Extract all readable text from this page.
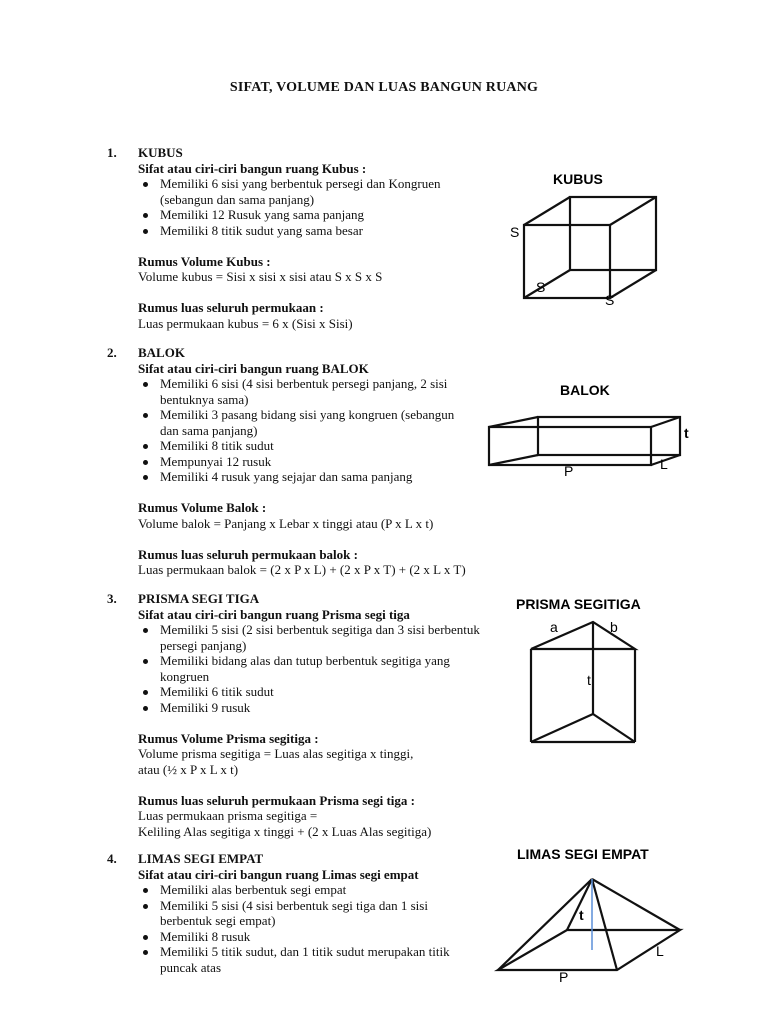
SIFAT, VOLUME DAN LUAS BANGUN RUANG
1. KUBUS
Sifat atau ciri-ciri bangun ruang Kubus :
Memiliki 6 sisi yang berbentuk persegi dan Kongruen (sebangun dan sama panjang)
Memiliki 12 Rusuk yang sama panjang
Memiliki 8 titik sudut yang sama besar
Rumus Volume Kubus :
Volume kubus = Sisi x sisi x sisi atau S x S x S
Rumus luas seluruh permukaan :
Luas permukaan kubus = 6 x (Sisi x Sisi)
2. BALOK
Sifat atau ciri-ciri bangun ruang BALOK
Memiliki 6 sisi (4 sisi berbentuk persegi panjang, 2 sisi bentuknya sama)
Memiliki 3 pasang bidang sisi yang kongruen (sebangun dan sama panjang)
Memiliki 8 titik sudut
Mempunyai 12 rusuk
Memiliki 4 rusuk yang sejajar dan sama panjang
Rumus Volume Balok :
Volume balok = Panjang x Lebar x tinggi atau (P x L x t)
Rumus luas seluruh permukaan balok :
Luas permukaan balok = (2 x P x L) + (2 x P x T) + (2 x L x T)
3. PRISMA SEGI TIGA
Sifat atau ciri-ciri bangun ruang Prisma segi tiga
Memiliki 5 sisi (2 sisi berbentuk segitiga dan 3 sisi berbentuk persegi panjang)
Memiliki bidang alas dan tutup berbentuk segitiga yang kongruen
Memiliki 6 titik sudut
Memiliki 9 rusuk
Rumus Volume Prisma segitiga :
Volume prisma segitiga = Luas alas segitiga x tinggi,
atau (½ x P x L x t)
Rumus luas seluruh permukaan Prisma segi tiga :
Luas permukaan prisma segitiga =
Keliling Alas segitiga x tinggi + (2 x Luas Alas segitiga)
4. LIMAS SEGI EMPAT
Sifat atau ciri-ciri bangun ruang Limas segi empat
Memiliki alas berbentuk segi empat
Memiliki 5 sisi (4 sisi berbentuk segi tiga dan 1 sisi berbentuk segi empat)
Memiliki 8 rusuk
Memiliki 5 titik sudut, dan 1 titik sudut merupakan titik puncak atas
KUBUS
S
S
S
BALOK
t
P	L
PRISMA SEGITIGA
a	b
t
LIMAS SEGI EMPAT
t
L
P
